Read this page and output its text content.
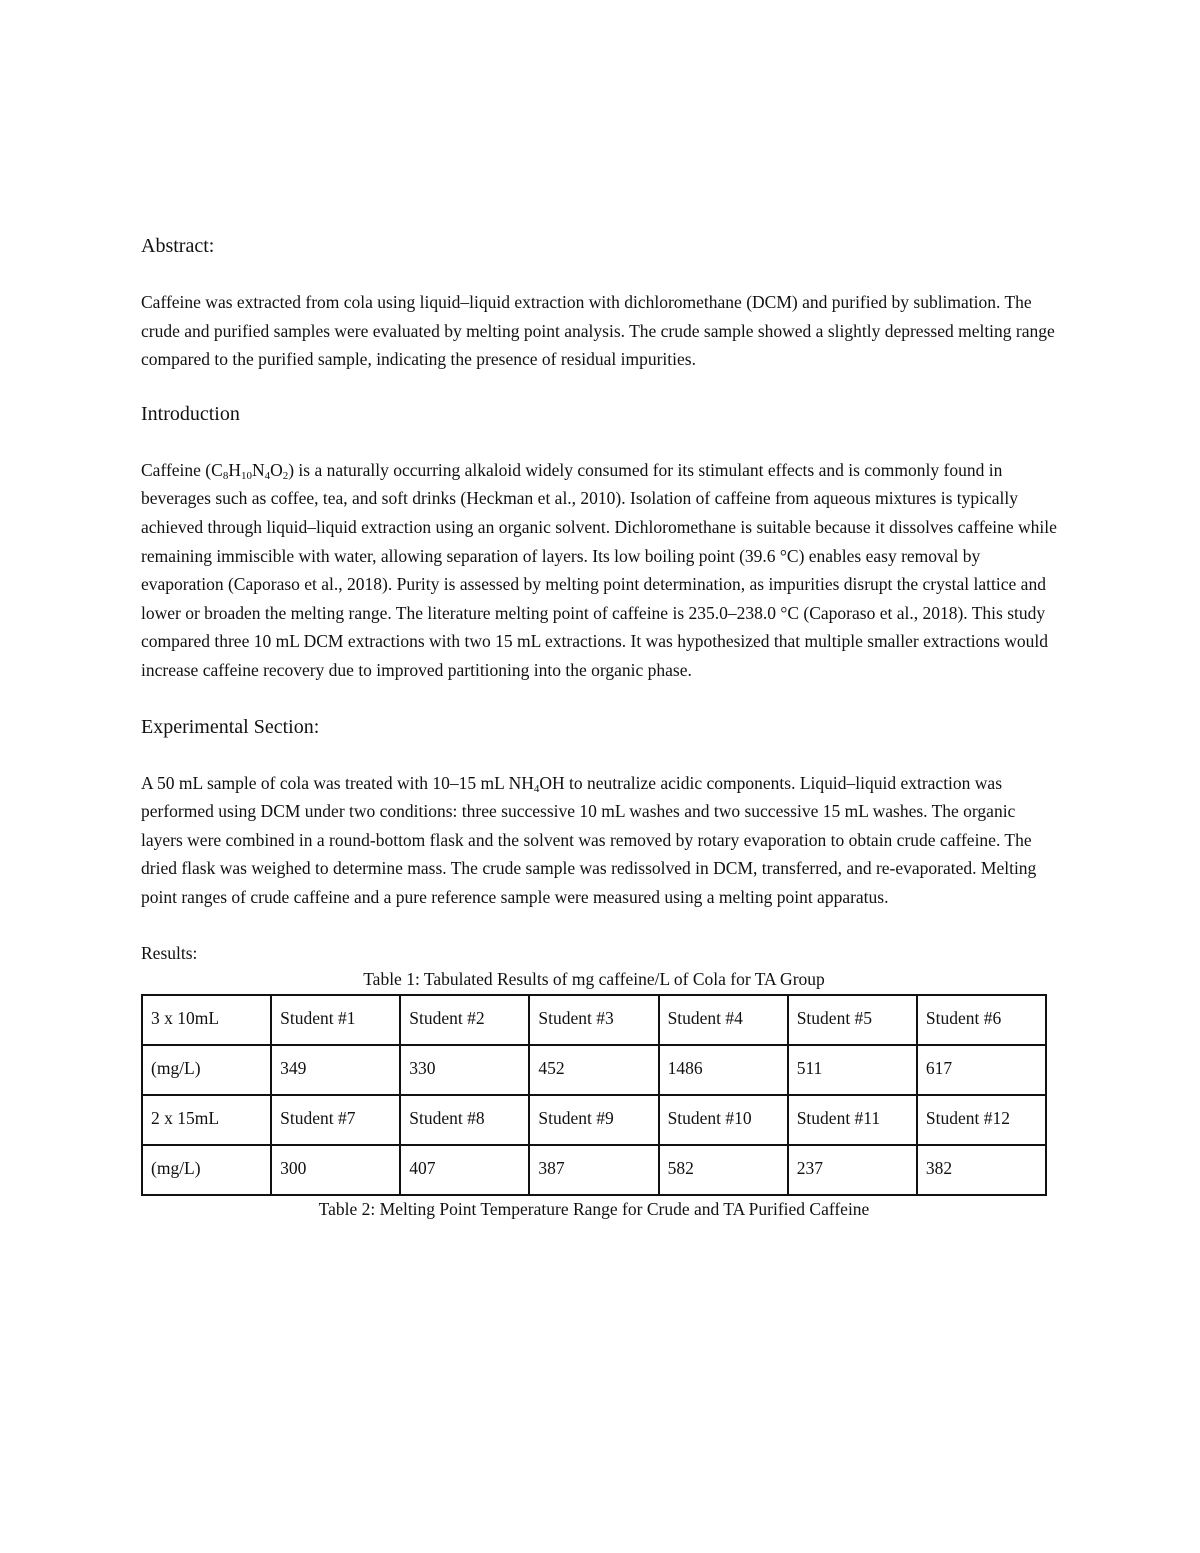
Abstract:

Caffeine was extracted from cola using liquid–liquid extraction with dichloromethane (DCM) and purified by sublimation. The crude and purified samples were evaluated by melting point analysis. The crude sample showed a slightly depressed melting range compared to the purified sample, indicating the presence of residual impurities.

Introduction

Caffeine $(C_8H_{10}N_4O_2)$ is a naturally occurring alkaloid widely consumed for its stimulant effects and is commonly found in beverages such as coffee, tea, and soft drinks (Heckman et al., 2010). Isolation of caffeine from aqueous mixtures is typically achieved through liquid–liquid extraction using an organic solvent. Dichloromethane is suitable because it dissolves caffeine while remaining immiscible with water, allowing separation of layers. Its low boiling point (39.6 °C) enables easy removal by evaporation (Caporaso et al., 2018). Purity is assessed by melting point determination, as impurities disrupt the crystal lattice and lower or broaden the melting range. The literature melting point of caffeine is 235.0–238.0 °C (Caporaso et al., 2018). This study compared three 10 mL DCM extractions with two 15 mL extractions. It was hypothesized that multiple smaller extractions would increase caffeine recovery due to improved partitioning into the organic phase.

Experimental Section:

A 50 mL sample of cola was treated with 10–15 mL $NH_4OH$ to neutralize acidic components. Liquid–liquid extraction was performed using DCM under two conditions: three successive 10 mL washes and two successive 15 mL washes. The organic layers were combined in a round-bottom flask and the solvent was removed by rotary evaporation to obtain crude caffeine. The dried flask was weighed to determine mass. The crude sample was redissolved in DCM, transferred, and re-evaporated. Melting point ranges of crude caffeine and a pure reference sample were measured using a melting point apparatus.

Results:
Table 1: Tabulated Results of mg caffeine/L of Cola for TA Group
3 x 10mL	Student #1	Student #2	Student #3	Student #4	Student #5	Student #6
(mg/L)	349	330	452	1486	511	617
2 x 15mL	Student #7	Student #8	Student #9	Student #10	Student #11	Student #12
(mg/L)	300	407	387	582	237	382
Table 2: Melting Point Temperature Range for Crude and TA Purified Caffeine
